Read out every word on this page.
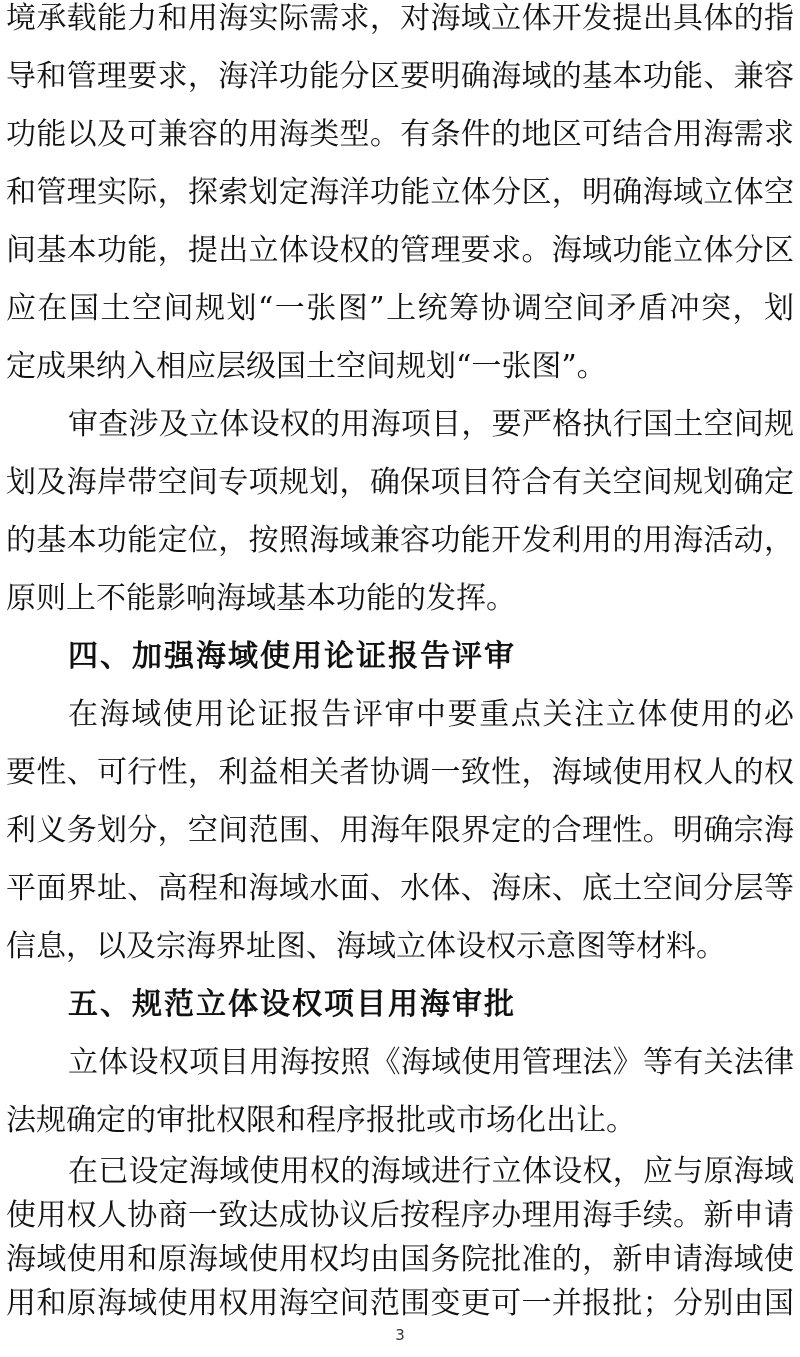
境承载能力和用海实际需求，对海域立体开发提出具体的指
导和管理要求，海洋功能分区要明确海域的基本功能、兼容
功能以及可兼容的用海类型。有条件的地区可结合用海需求
和管理实际，探索划定海洋功能立体分区，明确海域立体空
间基本功能，提出立体设权的管理要求。海域功能立体分区
应在国土空间规划“一张图”上统筹协调空间矛盾冲突，划
定成果纳入相应层级国土空间规划“一张图”。
审查涉及立体设权的用海项目，要严格执行国土空间规
划及海岸带空间专项规划，确保项目符合有关空间规划确定
的基本功能定位，按照海域兼容功能开发利用的用海活动，
原则上不能影响海域基本功能的发挥。
四、加强海域使用论证报告评审
在海域使用论证报告评审中要重点关注立体使用的必
要性、可行性，利益相关者协调一致性，海域使用权人的权
利义务划分，空间范围、用海年限界定的合理性。明确宗海
平面界址、高程和海域水面、水体、海床、底土空间分层等
信息，以及宗海界址图、海域立体设权示意图等材料。
五、规范立体设权项目用海审批
立体设权项目用海按照《海域使用管理法》等有关法律
法规确定的审批权限和程序报批或市场化出让。
在已设定海域使用权的海域进行立体设权，应与原海域
使用权人协商一致达成协议后按程序办理用海手续。新申请
海域使用和原海域使用权均由国务院批准的，新申请海域使
3
用和原海域使用权用海空间范围变更可一并报批；分别由国
